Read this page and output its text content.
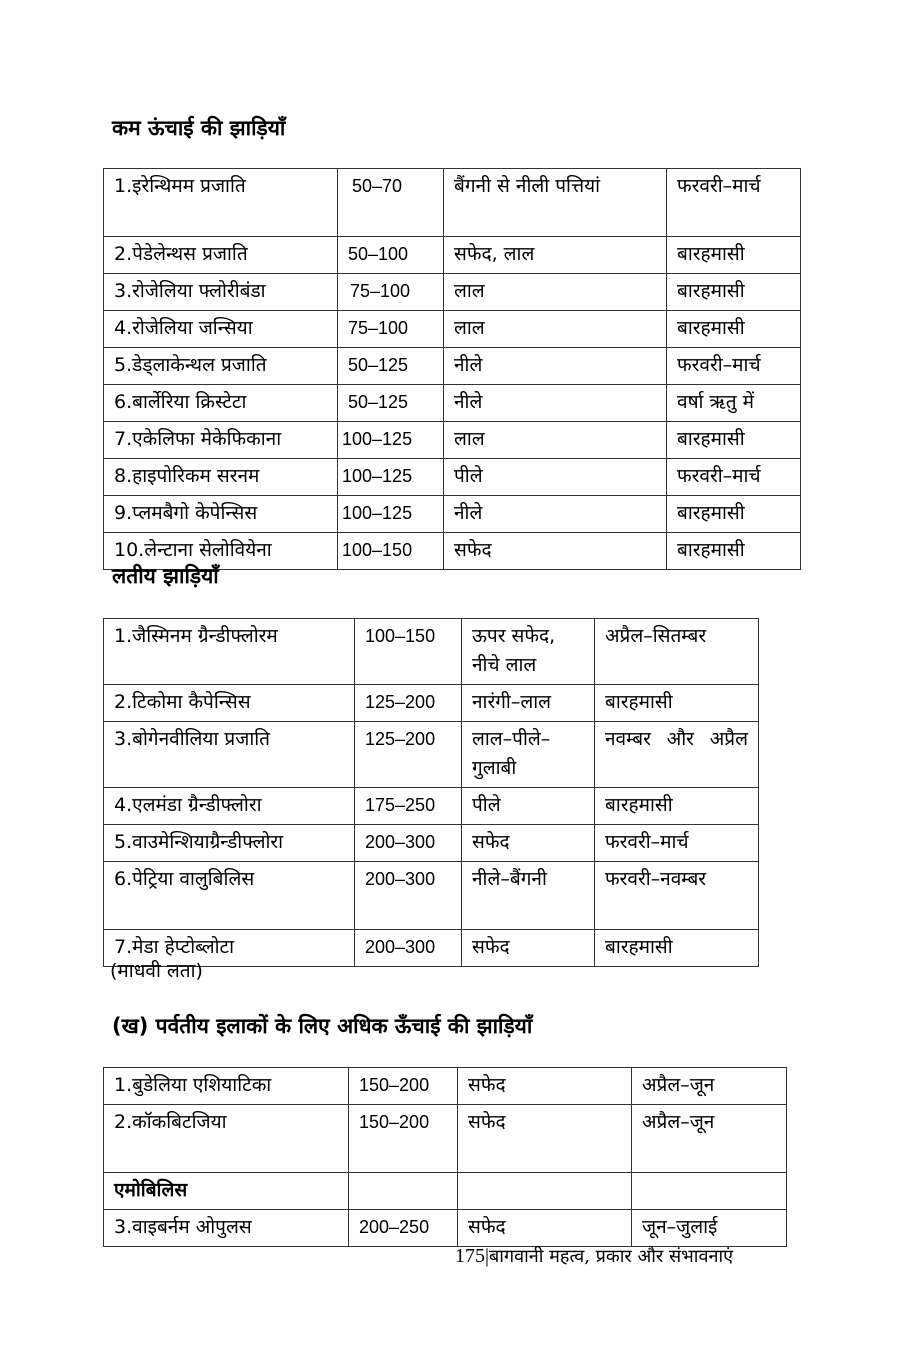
कम ऊंचाई की झाड़ियाँ
1.इरेन्थिमम प्रजाति	50–70	बैंगनी से नीली पत्तियां	फरवरी–मार्च
2.पेडेलेन्थस प्रजाति	50–100	सफेद, लाल	बारहमासी
3.रोजेलिया फ्लोरीबंडा	75–100	लाल	बारहमासी
4.रोजेलिया जन्सिया	75–100	लाल	बारहमासी
5.डेड्लाकेन्थल प्रजाति	50–125	नीले	फरवरी–मार्च
6.बार्लेरिया क्रिस्टेटा	50–125	नीले	वर्षा ऋतु में
7.एकेलिफा मेकेफिकाना	100–125	लाल	बारहमासी
8.हाइपोरिकम सरनम	100–125	पीले	फरवरी–मार्च
9.प्लमबैगो केपेन्सिस	100–125	नीले	बारहमासी
10.लेन्टाना सेलोवियेना	100–150	सफेद	बारहमासी
लतीय झाड़ियाँ
1.जैस्मिनम ग्रैन्डीफ्लोरम	100–150	ऊपर सफेद, नीचे लाल	अप्रैल–सितम्बर
2.टिकोमा कैपेन्सिस	125–200	नारंगी–लाल	बारहमासी
3.बोगेनवीलिया प्रजाति	125–200	लाल–पीले–गुलाबी	नवम्बर और अप्रैल
4.एलमंडा ग्रैन्डीफ्लोरा	175–250	पीले	बारहमासी
5.वाउमेन्शियाग्रैन्डीफ्लोरा	200–300	सफेद	फरवरी–मार्च
6.पेट्रिया वालुबिलिस	200–300	नीले–बैंगनी	फरवरी–नवम्बर
7.मेडा हेप्टोब्लोटा	200–300	सफेद	बारहमासी
(माधवी लता)
(ख) पर्वतीय इलाकों के लिए अधिक ऊँचाई की झाड़ियाँ
1.बुडेलिया एशियाटिका	150–200	सफेद	अप्रैल–जून
2.कॉकबिटजिया	150–200	सफेद	अप्रैल–जून
एमोबिलिस			
3.वाइबर्नम ओपुलस	200–250	सफेद	जून–जुलाई
175|बागवानी महत्व, प्रकार और संभावनाएं
